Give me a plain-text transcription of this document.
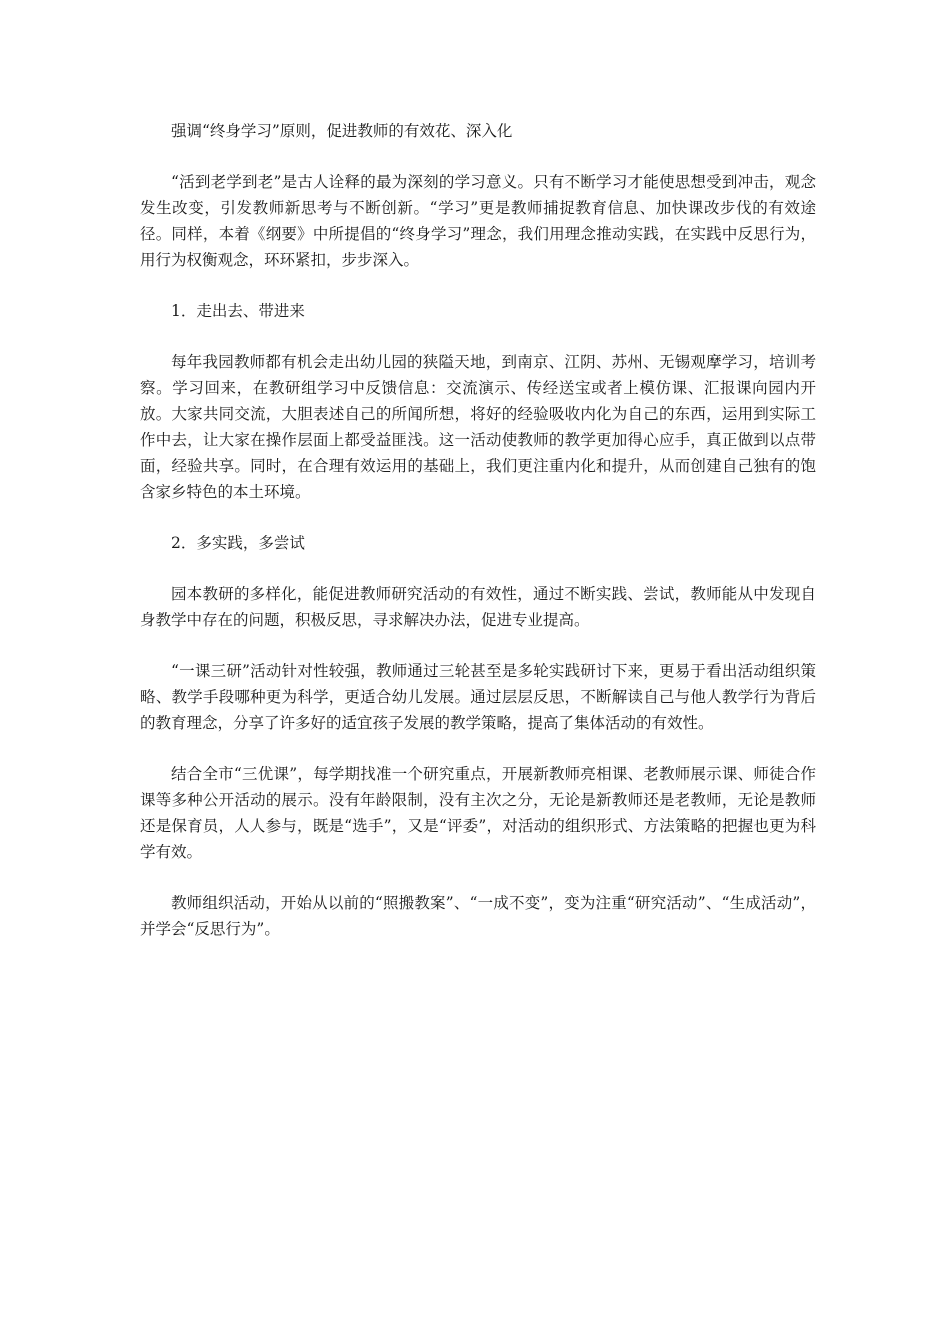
强调“终身学习”原则，促进教师的有效花、深入化

“活到老学到老”是古人诠释的最为深刻的学习意义。只有不断学习才能使思想受到冲击，观念发生改变，引发教师新思考与不断创新。“学习”更是教师捕捉教育信息、加快课改步伐的有效途径。同样，本着《纲要》中所提倡的“终身学习”理念，我们用理念推动实践，在实践中反思行为，用行为权衡观念，环环紧扣，步步深入。

1．走出去、带进来

每年我园教师都有机会走出幼儿园的狭隘天地，到南京、江阴、苏州、无锡观摩学习，培训考察。学习回来，在教研组学习中反馈信息：交流演示、传经送宝或者上模仿课、汇报课向园内开放。大家共同交流，大胆表述自己的所闻所想，将好的经验吸收内化为自己的东西，运用到实际工作中去，让大家在操作层面上都受益匪浅。这一活动使教师的教学更加得心应手，真正做到以点带面，经验共享。同时，在合理有效运用的基础上，我们更注重内化和提升，从而创建自己独有的饱含家乡特色的本土环境。

2．多实践，多尝试

园本教研的多样化，能促进教师研究活动的有效性，通过不断实践、尝试，教师能从中发现自身教学中存在的问题，积极反思，寻求解决办法，促进专业提高。

“一课三研”活动针对性较强，教师通过三轮甚至是多轮实践研讨下来，更易于看出活动组织策略、教学手段哪种更为科学，更适合幼儿发展。通过层层反思，不断解读自己与他人教学行为背后的教育理念，分享了许多好的适宜孩子发展的教学策略，提高了集体活动的有效性。

结合全市“三优课”，每学期找准一个研究重点，开展新教师亮相课、老教师展示课、师徒合作课等多种公开活动的展示。没有年龄限制，没有主次之分，无论是新教师还是老教师，无论是教师还是保育员，人人参与，既是“选手”，又是“评委”，对活动的组织形式、方法策略的把握也更为科学有效。

教师组织活动，开始从以前的“照搬教案”、“一成不变”，变为注重“研究活动”、“生成活动”，并学会“反思行为”。
